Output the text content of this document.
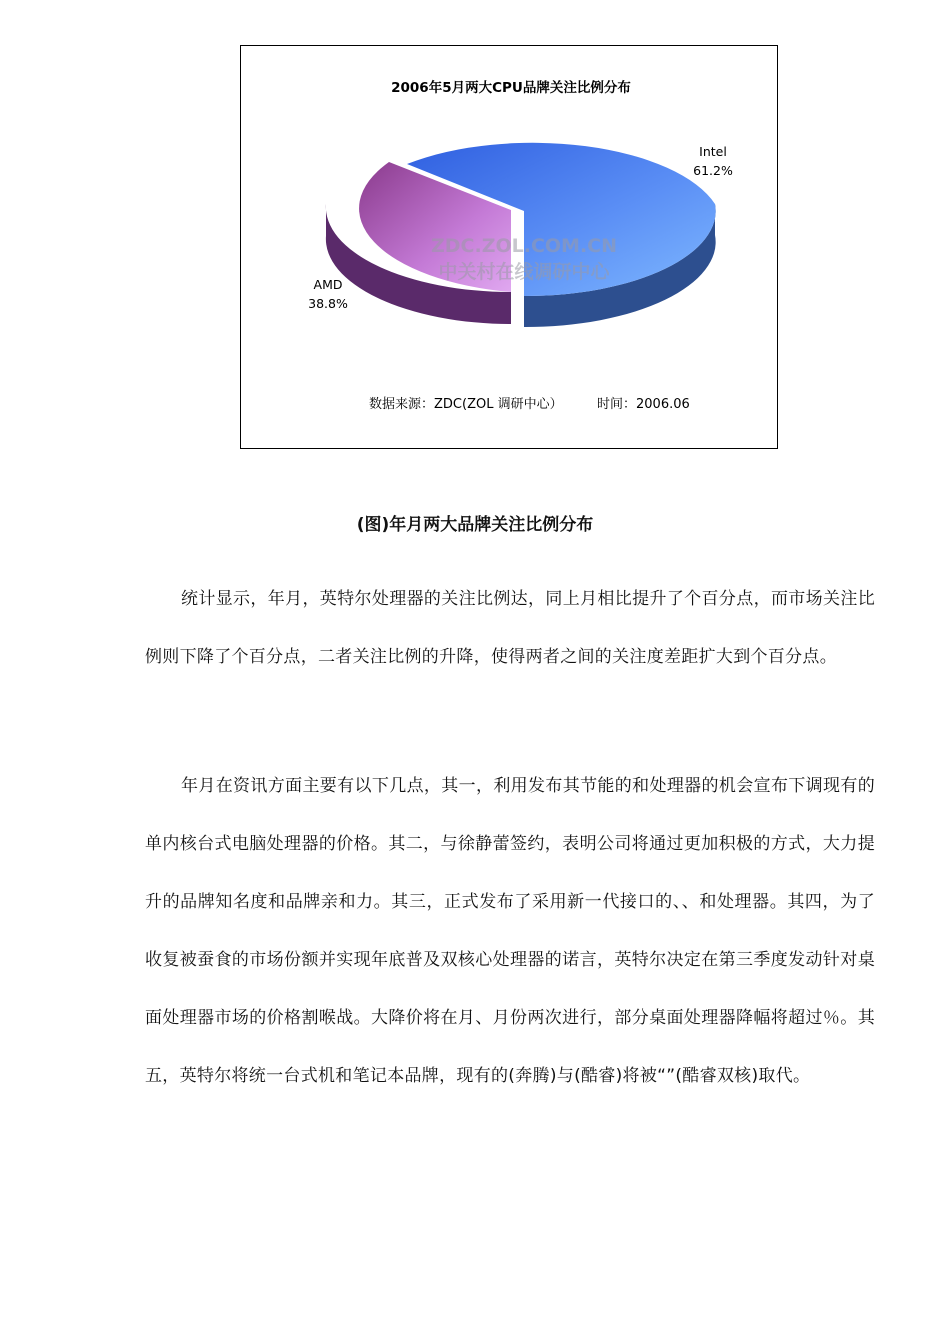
2006年5月两大CPU品牌关注比例分布
ZDC.ZOL.COM.CN
中关村在线调研中心
Intel
61.2%
AMD
38.8%
数据来源：ZDC(ZOL 调研中心）	时间：2006.06
(图)年月两大品牌关注比例分布

统计显示，年月，英特尔处理器的关注比例达，同上月相比提升了个百分点，而市场关注比例则下降了个百分点，二者关注比例的升降，使得两者之间的关注度差距扩大到个百分点。

年月在资讯方面主要有以下几点，其一，利用发布其节能的和处理器的机会宣布下调现有的单内核台式电脑处理器的价格。其二，与徐静蕾签约，表明公司将通过更加积极的方式，大力提升的品牌知名度和品牌亲和力。其三，正式发布了采用新一代接口的、、和处理器。其四，为了收复被蚕食的市场份额并实现年底普及双核心处理器的诺言，英特尔决定在第三季度发动针对桌面处理器市场的价格割喉战。大降价将在月、月份两次进行，部分桌面处理器降幅将超过％。其五，英特尔将统一台式机和笔记本品牌，现有的(奔腾)与(酷睿)将被“”(酷睿双核)取代。
